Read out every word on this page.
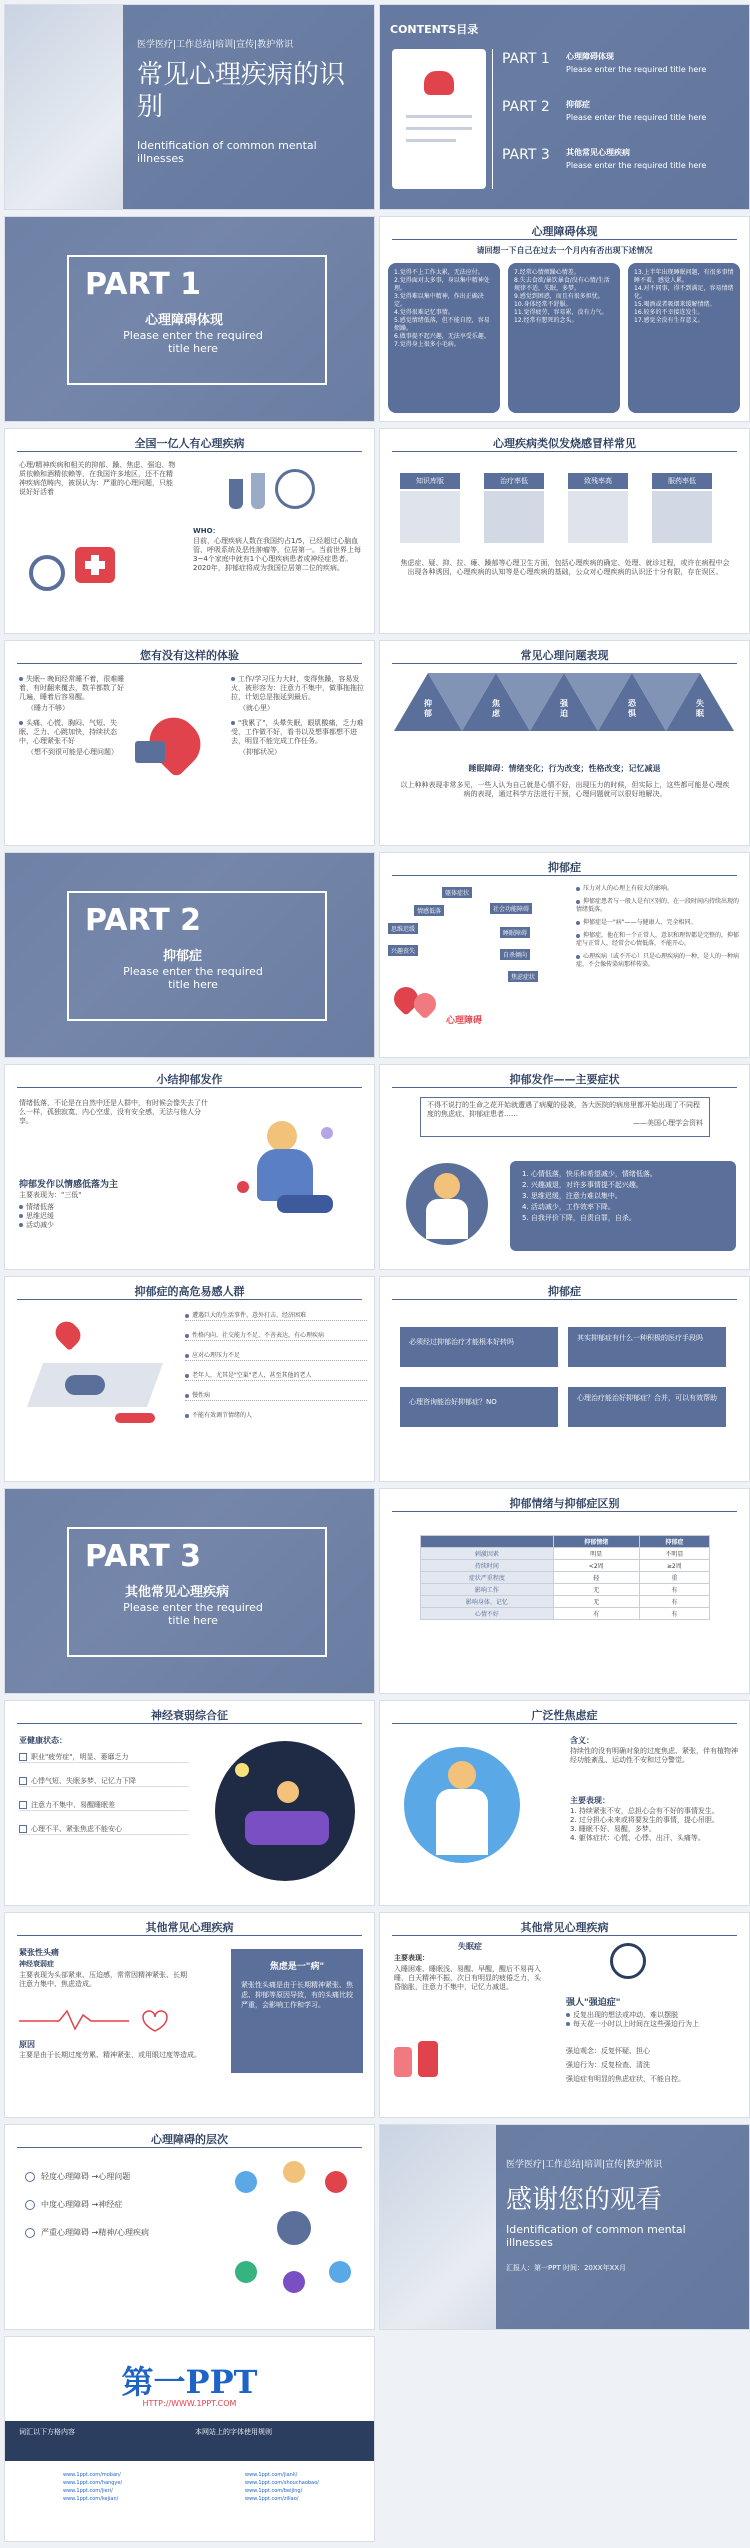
医学医疗|工作总结|培训|宣传|教护常识
常见心理疾病的识别
Identification of common mental illnesses
CONTENTS目录
PART 1 心理障碍体现
Please enter the required title here
PART 2 抑郁症
Please enter the required title here
PART 3 其他常见心理疾病
Please enter the required title here
PART 1
心理障碍体现
Please enter the required title here
心理障碍体现
请回想一下自己在过去一个月内有否出现下述情况
1.觉得不上工作太累，无法应付。
2.觉得面对太多事，身以集中精神处理。
3.觉得难以集中精神，作出正确决定。
4.觉得很难记忆事情。
5.感觉情绪低落，但不能自控，容易烦躁。
6.做事提不起兴趣，无法享受乐趣。
7.觉得身上很多小毛病。
7.经常心情烦躁心情差。
8.失去食欲/暴饮暴食/没有心情/生活规律不适，失眠，多梦。
9.感觉到困惑，而且有很多担忧。
10.身体经常不舒服。
11.觉得疲劳，容易累，没有力气。
12.经常有想死的念头。
13.上半年出现睡眠问题，有很多事情睡不着，感觉人累。
14.对不同事，得不到满足，容易情绪化。
15.喝酒或者吸烟来缓解情绪。
16.较多的不幸接连发生。
17.感觉全没有生存意义。
全国一亿人有心理疾病
心理/精神疾病和相关的抑郁、躁、焦虑、强迫、物质依赖和酒精依赖等，在我国许多地区，还不在精神疾病范畴内，被误认为：严重的心理问题，只能说好好活着
WHO：
目前，心理疾病人数在我国约占1/5，已经超过心脑血管、呼吸系统及恶性肿瘤等，位居第一。当前世界上每3~4个家庭中就有1个心理疾病患者或神经症患者。2020年，抑郁症将成为我国位居第二位的疾病。
心理疾病类似发烧感冒样常见
知识库版	治疗率低	致残率高	服药率低
焦虑症、疑、抑、拉、瘫、躁郁等心理卫生方面，包括心理疾病的确定、处理、就诊过程，或许在病程中会出现各种诱因，心理疾病的认知等是心理疾病的基础，公众对心理疾病的认识还十分有限，存在误区。
您有没有这样的体验
失眠-- 晚间经常睡不着，很难睡着，有时翻来覆去，数羊都数了好几遍，睡着后容易醒。
（睡力不够）
头痛、心慌、胸闷、气短、失眠、乏力、心跳加快，持续状态中，心理紧张不好
（想不到很可能是心理问题）
工作/学习压力大时，变得焦躁，容易发火，被形容为：注意力不集中，做事拖拖拉拉，计划总是拖延到最后。
（就心里）
"我累了"，头晕失眠，眼肌酸痛，乏力难受，工作做不好，看书以及想事都想不进去，明显不能完成工作任务。
（抑郁状况）
常见心理问题表现
抑郁
焦虑
强迫
恐惧
失眠
睡眠障碍：情绪变化；行为改变；性格改变；记忆减退
以上种种表现非常多见，一些人认为自己就是心情不好，出现压力的时候，但实际上，这些都可能是心理疾病的表现，通过科学方法进行干预，心理问题就可以很好地解决。
PART 2
抑郁症
Please enter the required title here
抑郁症
躯体症状
情感低落
思维迟缓
社会功能障碍
兴趣丧失
睡眠障碍
自杀倾向
焦虑症状
心理障碍
压力对人的心理上有较大的影响。
抑郁症患者与一般人是有区别的、在一段时间内持续出现的情绪低落。
抑郁症是一"病"——与健康人、完全相同。
抑郁症，他在和一个正常人，意识和理智都是完整的，抑郁症与正常人，经常会心情低落，不能开心。
心理疾病（或不开心）只是心理疾病的一种，是人的一种病症，不会像传染病那样传染。
小结抑郁发作
情绪低落，不论是在自然中还是人群中，有时候会像失去了什么一样，孤独寂寞，内心空虚，没有安全感，无法与他人分享。
抑郁发作以情感低落为主
主要表现为："三低"
情绪低落
思维迟缓
活动减少
抑郁发作——主要症状
不得不说打的生命之花开始就遭遇了病魔的侵袭，各大医院的病房里都开始出现了不同程度的焦虑症、抑郁症患者……
——美国心理学会资料
1. 心情低落，快乐和希望减少，情绪低落。
2. 兴趣减退，对许多事情提不起兴趣。
3. 思维迟缓，注意力难以集中。
4. 活动减少，工作效率下降。
5. 自我评价下降，自责自罪，自杀。
抑郁症的高危易感人群
遭遇巨大的生活事件、意外打击、经济困难
性格内向、社交能力不足、不善表达，有心理疾病
应对心理压力不足
老年人，尤其是"空巢"老人，甚至其他的老人
慢性病
不能有效调节情绪的人
抑郁症
必须经过抑郁治疗才能根本好转吗	其实抑郁症有什么一种积极的医疗手段吗
心理咨询能治好抑郁症？NO	心理治疗能治好抑郁症？合并，可以有效帮助
PART 3
其他常见心理疾病
Please enter the required title here
抑郁情绪与抑郁症区别
	抑郁情绪	抑郁症
刺激因素	明显	不明显
持续时间	<2周	≥2周
症状严重程度	轻	重
影响工作	无	有
影响身体、记忆	无	有
心情不好	有	有
神经衰弱综合征
亚健康状态：
职业"疲劳症"，明显、萎靡乏力
心悸气短、失眠多梦、记忆力下降
注意力不集中、易醒睡眠差
心理不平、紧张焦虑不能安心
广泛性焦虑症
含义：
持续性的没有明确对象的过度焦虑、紧张，伴有植物神经功能紊乱、运动性不安和过分警觉。
主要表现：
1. 持续紧张不安，总担心会有不好的事情发生。
2. 过分担心未来或将要发生的事情，提心吊胆。
3. 睡眠不好、易醒，多梦。
4. 躯体症状：心慌、心悸、出汗、头痛等。
其他常见心理疾病
紧张性头痛
神经衰弱症
主要表现为头部紧束、压迫感，常常因精神紧张、长期注意力集中、焦虑造成。
原因
主要是由于长期过度劳累、精神紧张，或用眼过度等造成。
焦虑是一"病"
紧张性头痛是由于长期精神紧张、焦虑、抑郁等原因导致，有的头痛比较严重，会影响工作和学习。
其他常见心理疾病
失眠症
主要表现：
入睡困难、睡眠浅、易醒、早醒，醒后不易再入睡，白天精神不振，次日有明显的疲倦乏力，头昏脑胀，注意力不集中，记忆力减退。
强人"强迫症"
反复出现的想法或冲动，难以摆脱
每天花一小时以上时间在这些强迫行为上
强迫观念：反复怀疑、担心
强迫行为：反复检查、清洗
强迫症有明显的焦虑症状，不能自控。
心理障碍的层次
轻度心理障碍 →心理问题
中度心理障碍 →神经症
严重心理障碍 →精神/心理疾病
医学医疗|工作总结|培训|宣传|教护常识
感谢您的观看
Identification of common mental illnesses
汇报人：第一PPT 时间：20XX年XX月
第一PPT
HTTP://WWW.1PPT.COM
词汇以下方格内容	本网站上的字体使用规则
www.1ppt.com/moban/
www.1ppt.com/hangye/
www.1ppt.com/jieri/
www.1ppt.com/kejian/
www.1ppt.com/jianli/
www.1ppt.com/shouchaobao/
www.1ppt.com/beijing/
www.1ppt.com/ziliao/
